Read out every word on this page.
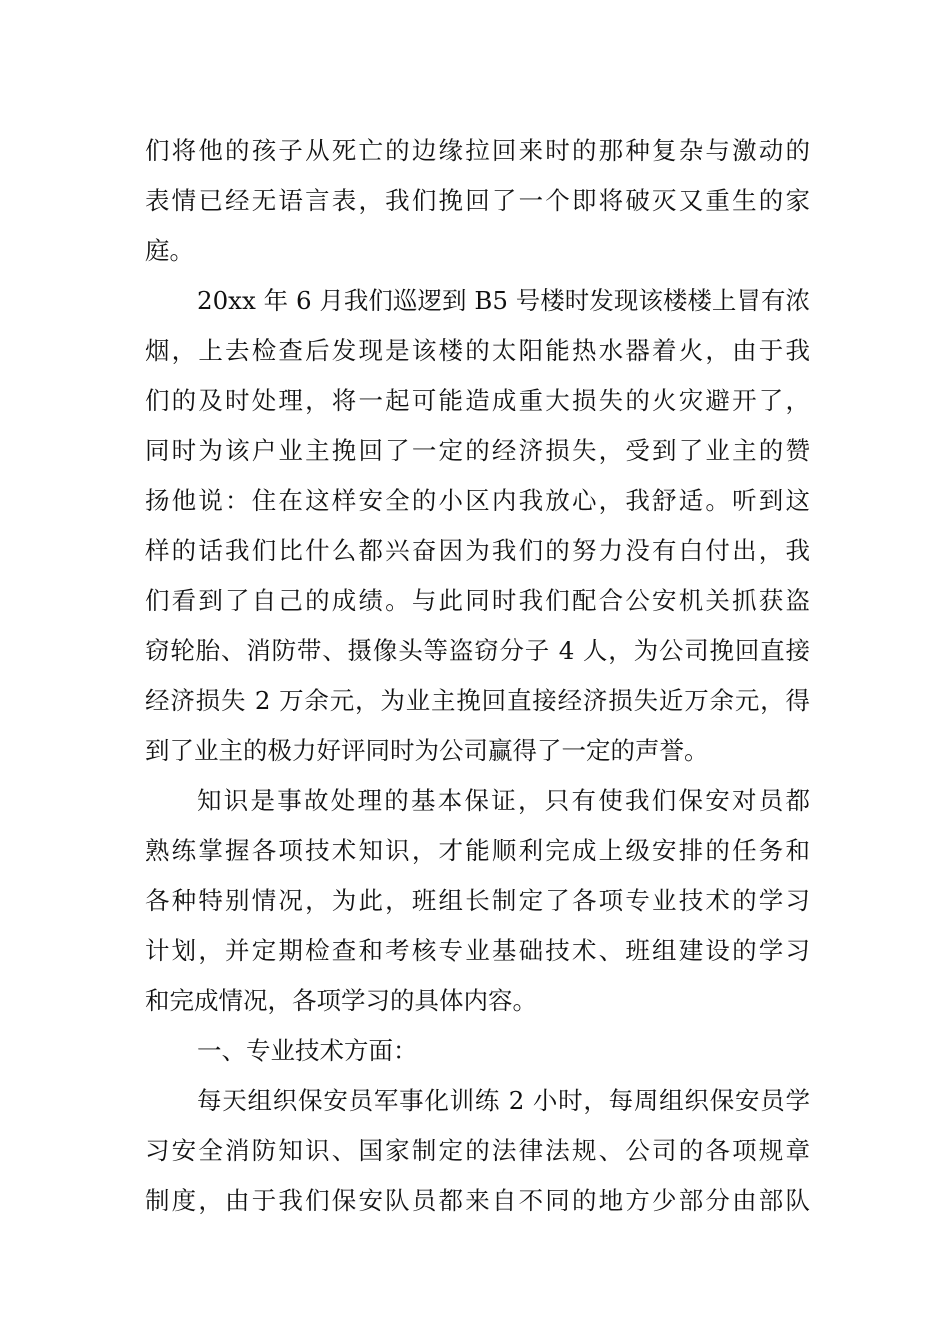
们将他的孩子从死亡的边缘拉回来时的那种复杂与激动的
表情已经无语言表，我们挽回了一个即将破灭又重生的家
庭。
20xx 年 6 月我们巡逻到 B5 号楼时发现该楼楼上冒有浓
烟，上去检查后发现是该楼的太阳能热水器着火，由于我
们的及时处理，将一起可能造成重大损失的火灾避开了，
同时为该户业主挽回了一定的经济损失，受到了业主的赞
扬他说：住在这样安全的小区内我放心，我舒适。听到这
样的话我们比什么都兴奋因为我们的努力没有白付出，我
们看到了自己的成绩。与此同时我们配合公安机关抓获盗
窃轮胎、消防带、摄像头等盗窃分子 4 人，为公司挽回直接
经济损失 2 万余元，为业主挽回直接经济损失近万余元，得
到了业主的极力好评同时为公司赢得了一定的声誉。
知识是事故处理的基本保证，只有使我们保安对员都
熟练掌握各项技术知识，才能顺利完成上级安排的任务和
各种特别情况，为此，班组长制定了各项专业技术的学习
计划，并定期检查和考核专业基础技术、班组建设的学习
和完成情况，各项学习的具体内容。
一、专业技术方面：
每天组织保安员军事化训练 2 小时，每周组织保安员学
习安全消防知识、国家制定的法律法规、公司的各项规章
制度，由于我们保安队员都来自不同的地方少部分由部队
